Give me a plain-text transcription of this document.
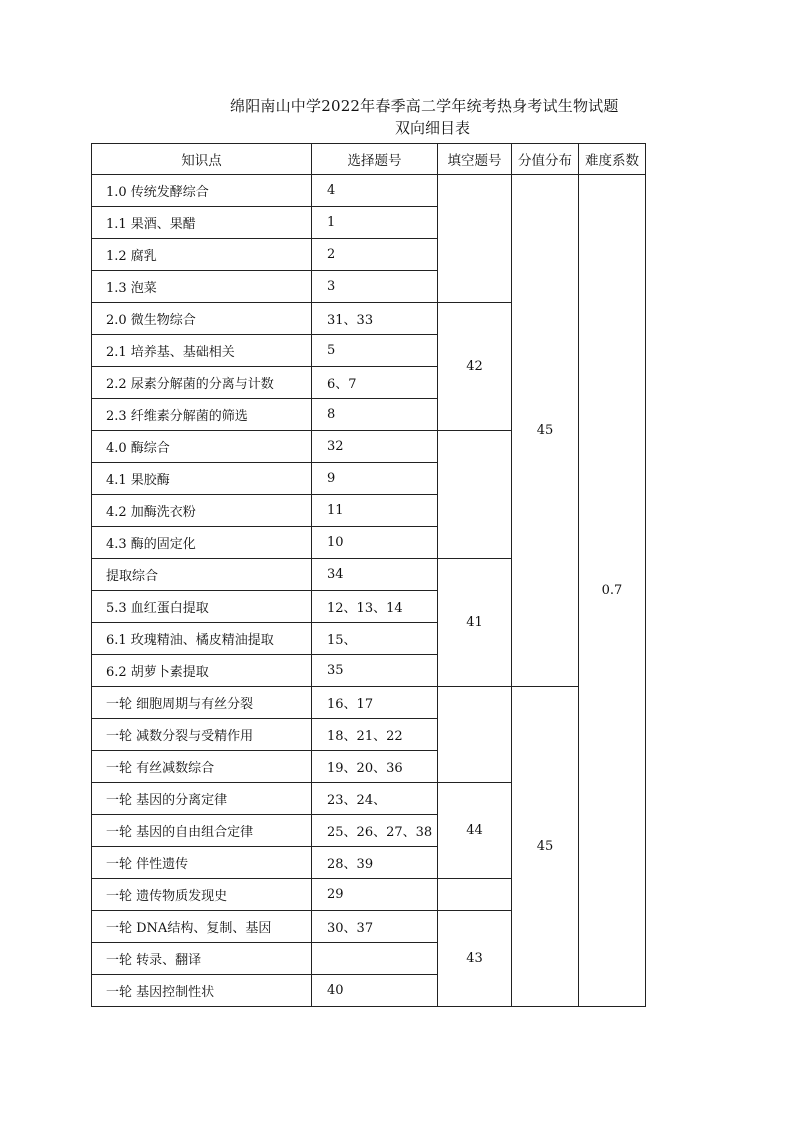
绵阳南山中学2022年春季高二学年统考热身考试生物试题
双向细目表
知识点	选择题号	填空题号	分值分布	难度系数
1.0 传统发酵综合	4		45	0.7
1.1 果酒、果醋	1			
1.2 腐乳	2			
1.3 泡菜	3			
2.0 微生物综合	31、33	42		
2.1 培养基、基础相关	5			
2.2 尿素分解菌的分离与计数	6、7			
2.3 纤维素分解菌的筛选	8			
4.0 酶综合	32			
4.1 果胶酶	9			
4.2 加酶洗衣粉	11			
4.3 酶的固定化	10			
提取综合	34	41		
5.3 血红蛋白提取	12、13、14			
6.1 玫瑰精油、橘皮精油提取	15、			
6.2 胡萝卜素提取	35			
一轮 细胞周期与有丝分裂	16、17		45	
一轮 减数分裂与受精作用	18、21、22			
一轮 有丝减数综合	19、20、36			
一轮 基因的分离定律	23、24、	44		
一轮 基因的自由组合定律	25、26、27、38			
一轮 伴性遗传	28、39			
一轮 遗传物质发现史	29			
一轮 DNA结构、复制、基因	30、37	43		
一轮 转录、翻译				
一轮 基因控制性状	40			
